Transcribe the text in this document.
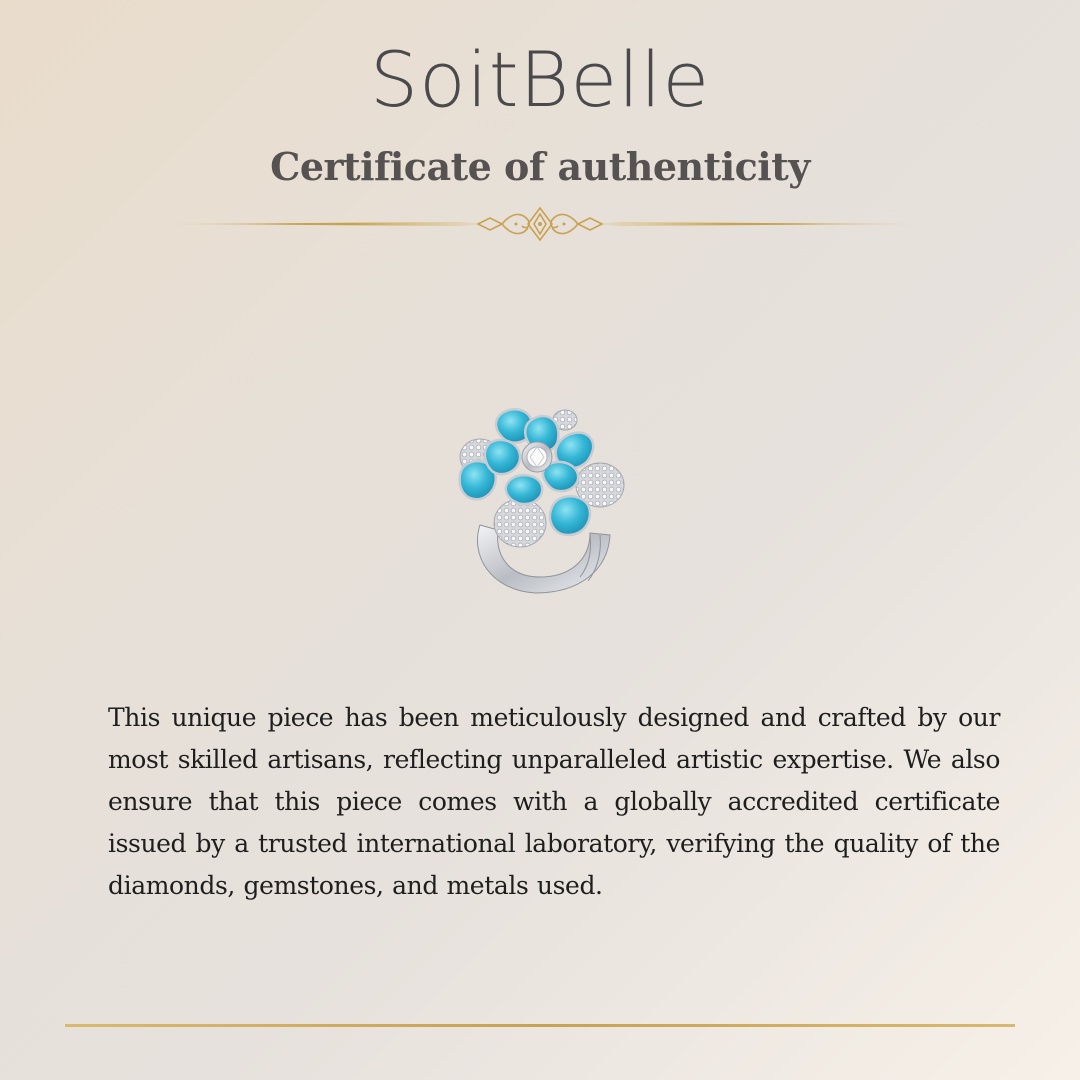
SoitBelle
Certificate of authenticity
This unique piece has been meticulously designed and crafted by our most skilled artisans, reflecting unparalleled artistic expertise. We also ensure that this piece comes with a globally accredited certificate issued by a trusted international laboratory, verifying the quality of the diamonds, gemstones, and metals used.
